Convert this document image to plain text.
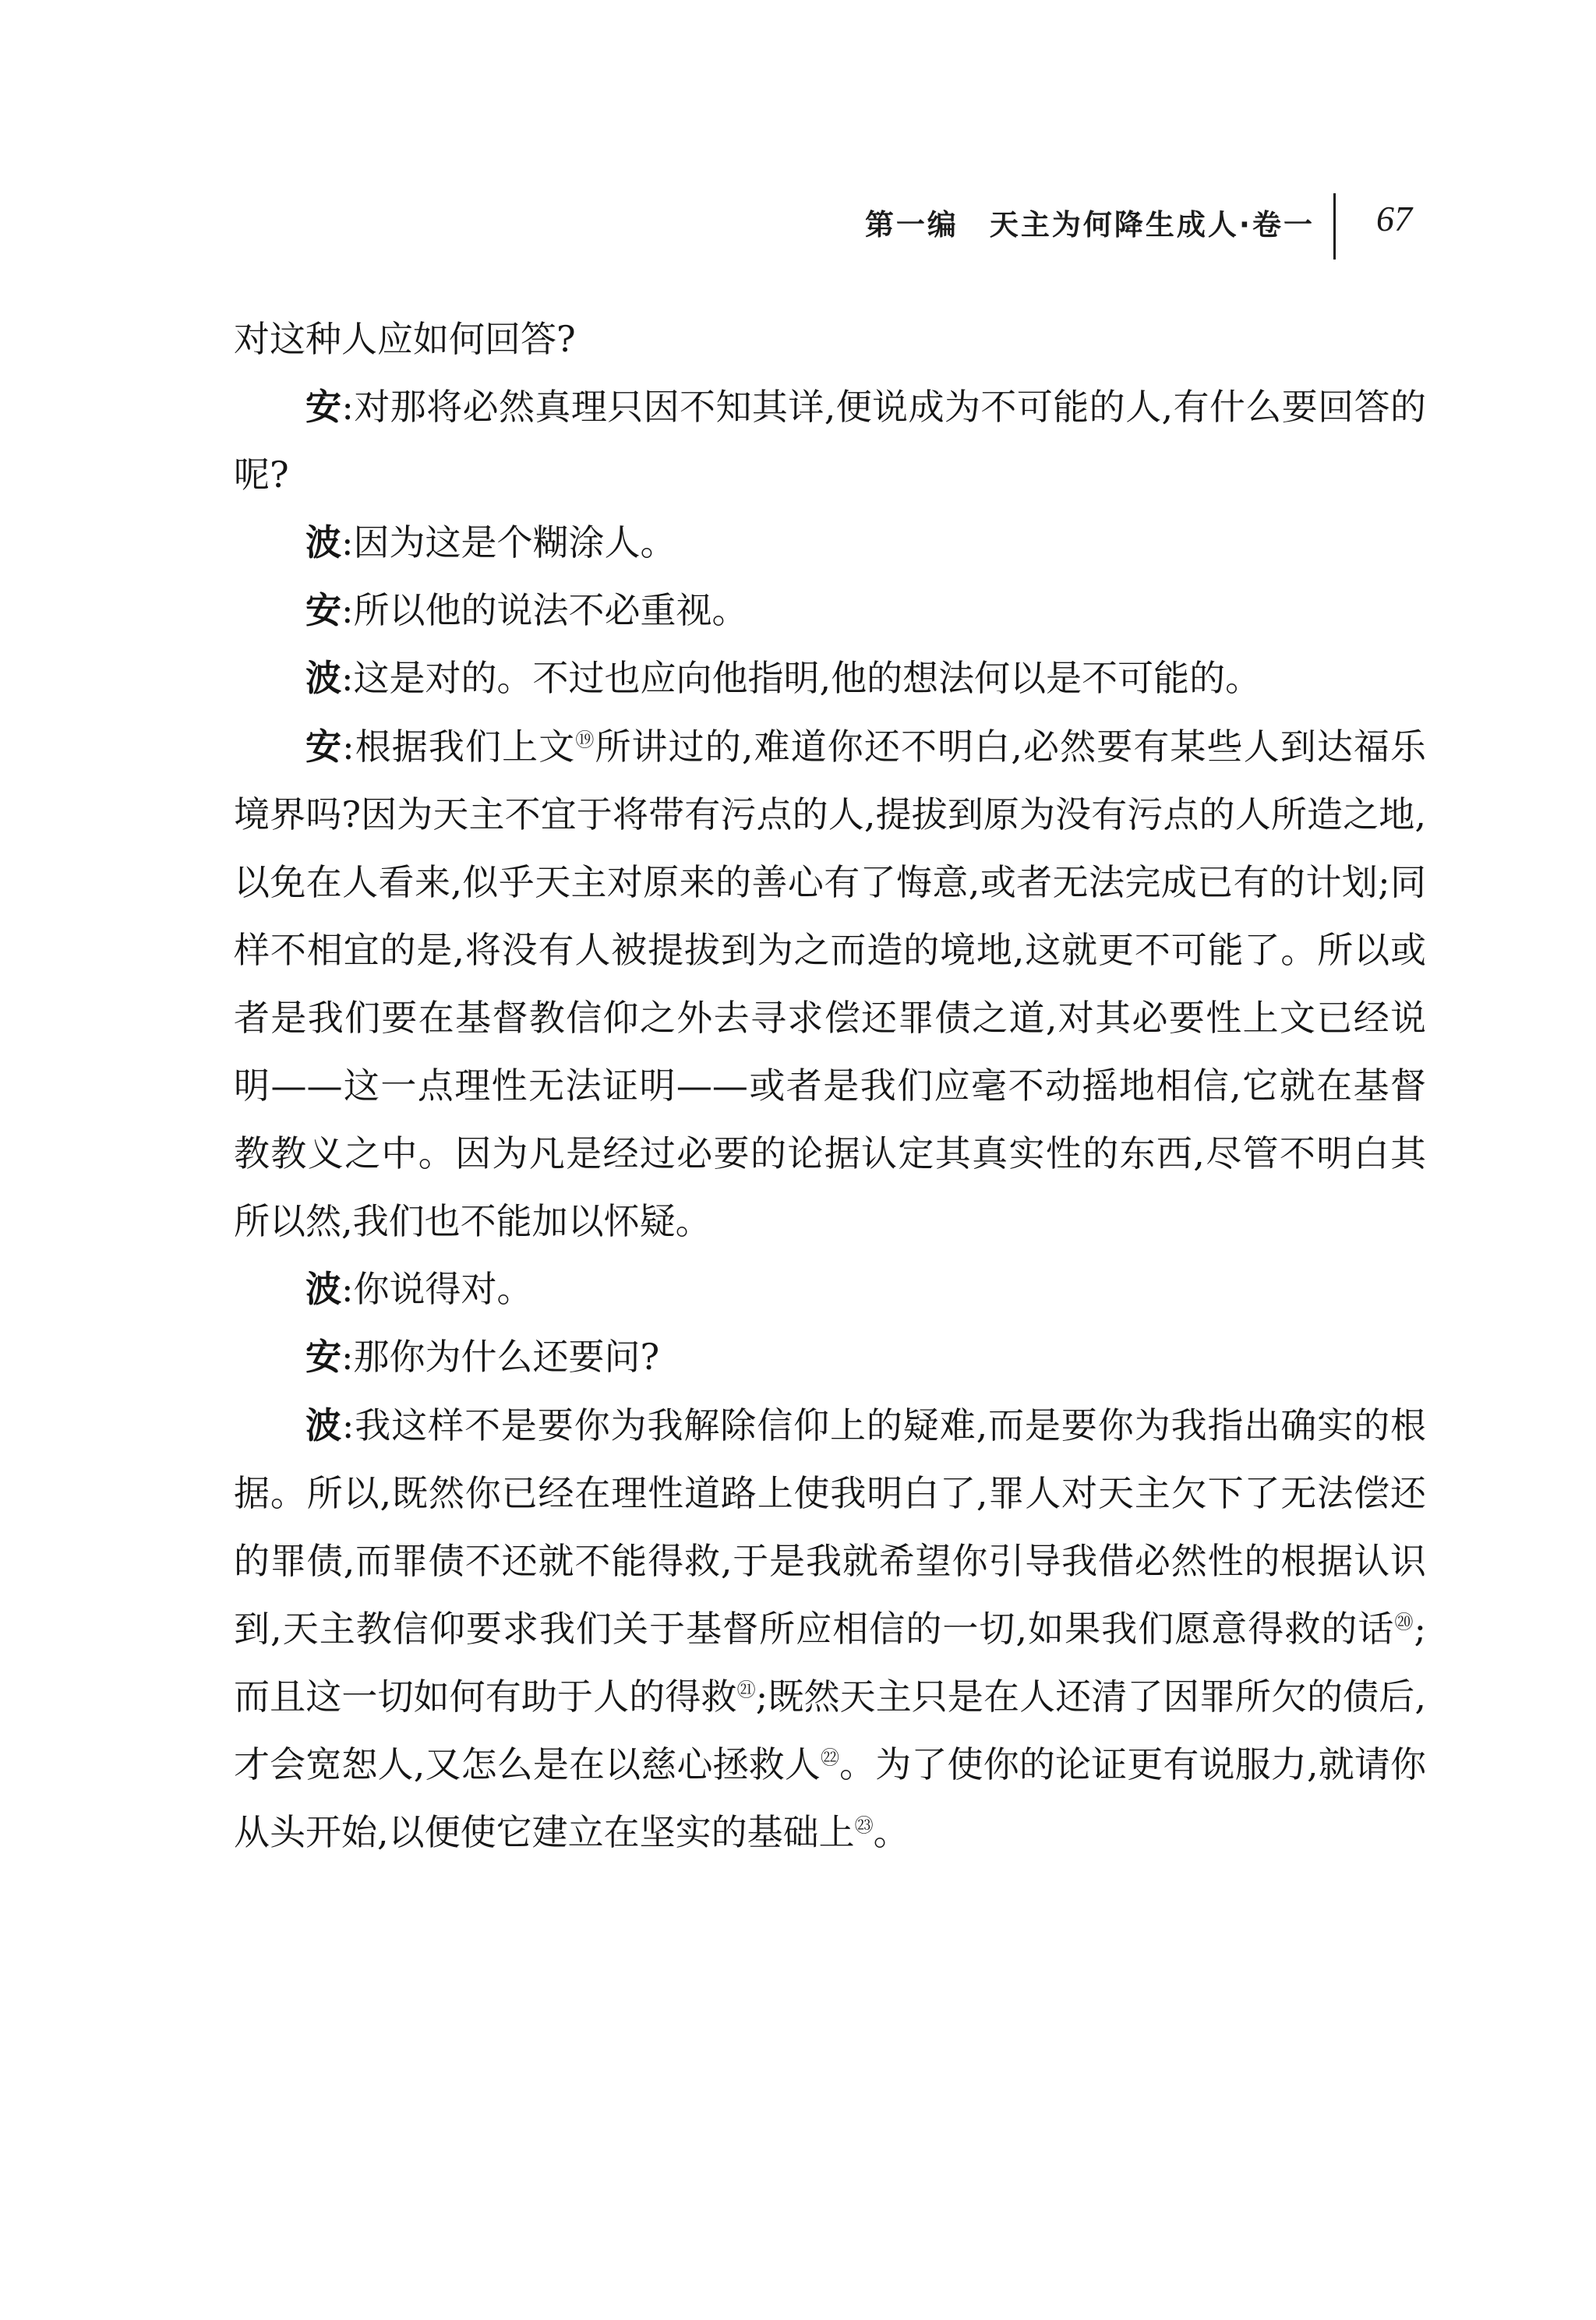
第一编　天主为何降生成人·卷一 67

对这种人应如何回答?

安:对那将必然真理只因不知其详,便说成为不可能的人,有什么要回答的呢?

波:因为这是个糊涂人。

安:所以他的说法不必重视。

波:这是对的。不过也应向他指明,他的想法何以是不可能的。

安:根据我们上文⑲所讲过的,难道你还不明白,必然要有某些人到达福乐境界吗?因为天主不宜于将带有污点的人,提拔到原为没有污点的人所造之地,以免在人看来,似乎天主对原来的善心有了悔意,或者无法完成已有的计划;同样不相宜的是,将没有人被提拔到为之而造的境地,这就更不可能了。所以或者是我们要在基督教信仰之外去寻求偿还罪债之道,对其必要性上文已经说明——这一点理性无法证明——或者是我们应毫不动摇地相信,它就在基督教教义之中。因为凡是经过必要的论据认定其真实性的东西,尽管不明白其所以然,我们也不能加以怀疑。

波:你说得对。

安:那你为什么还要问?

波:我这样不是要你为我解除信仰上的疑难,而是要你为我指出确实的根据。所以,既然你已经在理性道路上使我明白了,罪人对天主欠下了无法偿还的罪债,而罪债不还就不能得救,于是我就希望你引导我借必然性的根据认识到,天主教信仰要求我们关于基督所应相信的一切,如果我们愿意得救的话⑳;而且这一切如何有助于人的得救$^㉑$;既然天主只是在人还清了因罪所欠的债后,才会宽恕人,又怎么是在以慈心拯救人$^㉒$。为了使你的论证更有说服力,就请你从头开始,以便使它建立在坚实的基础上$^㉓$。
